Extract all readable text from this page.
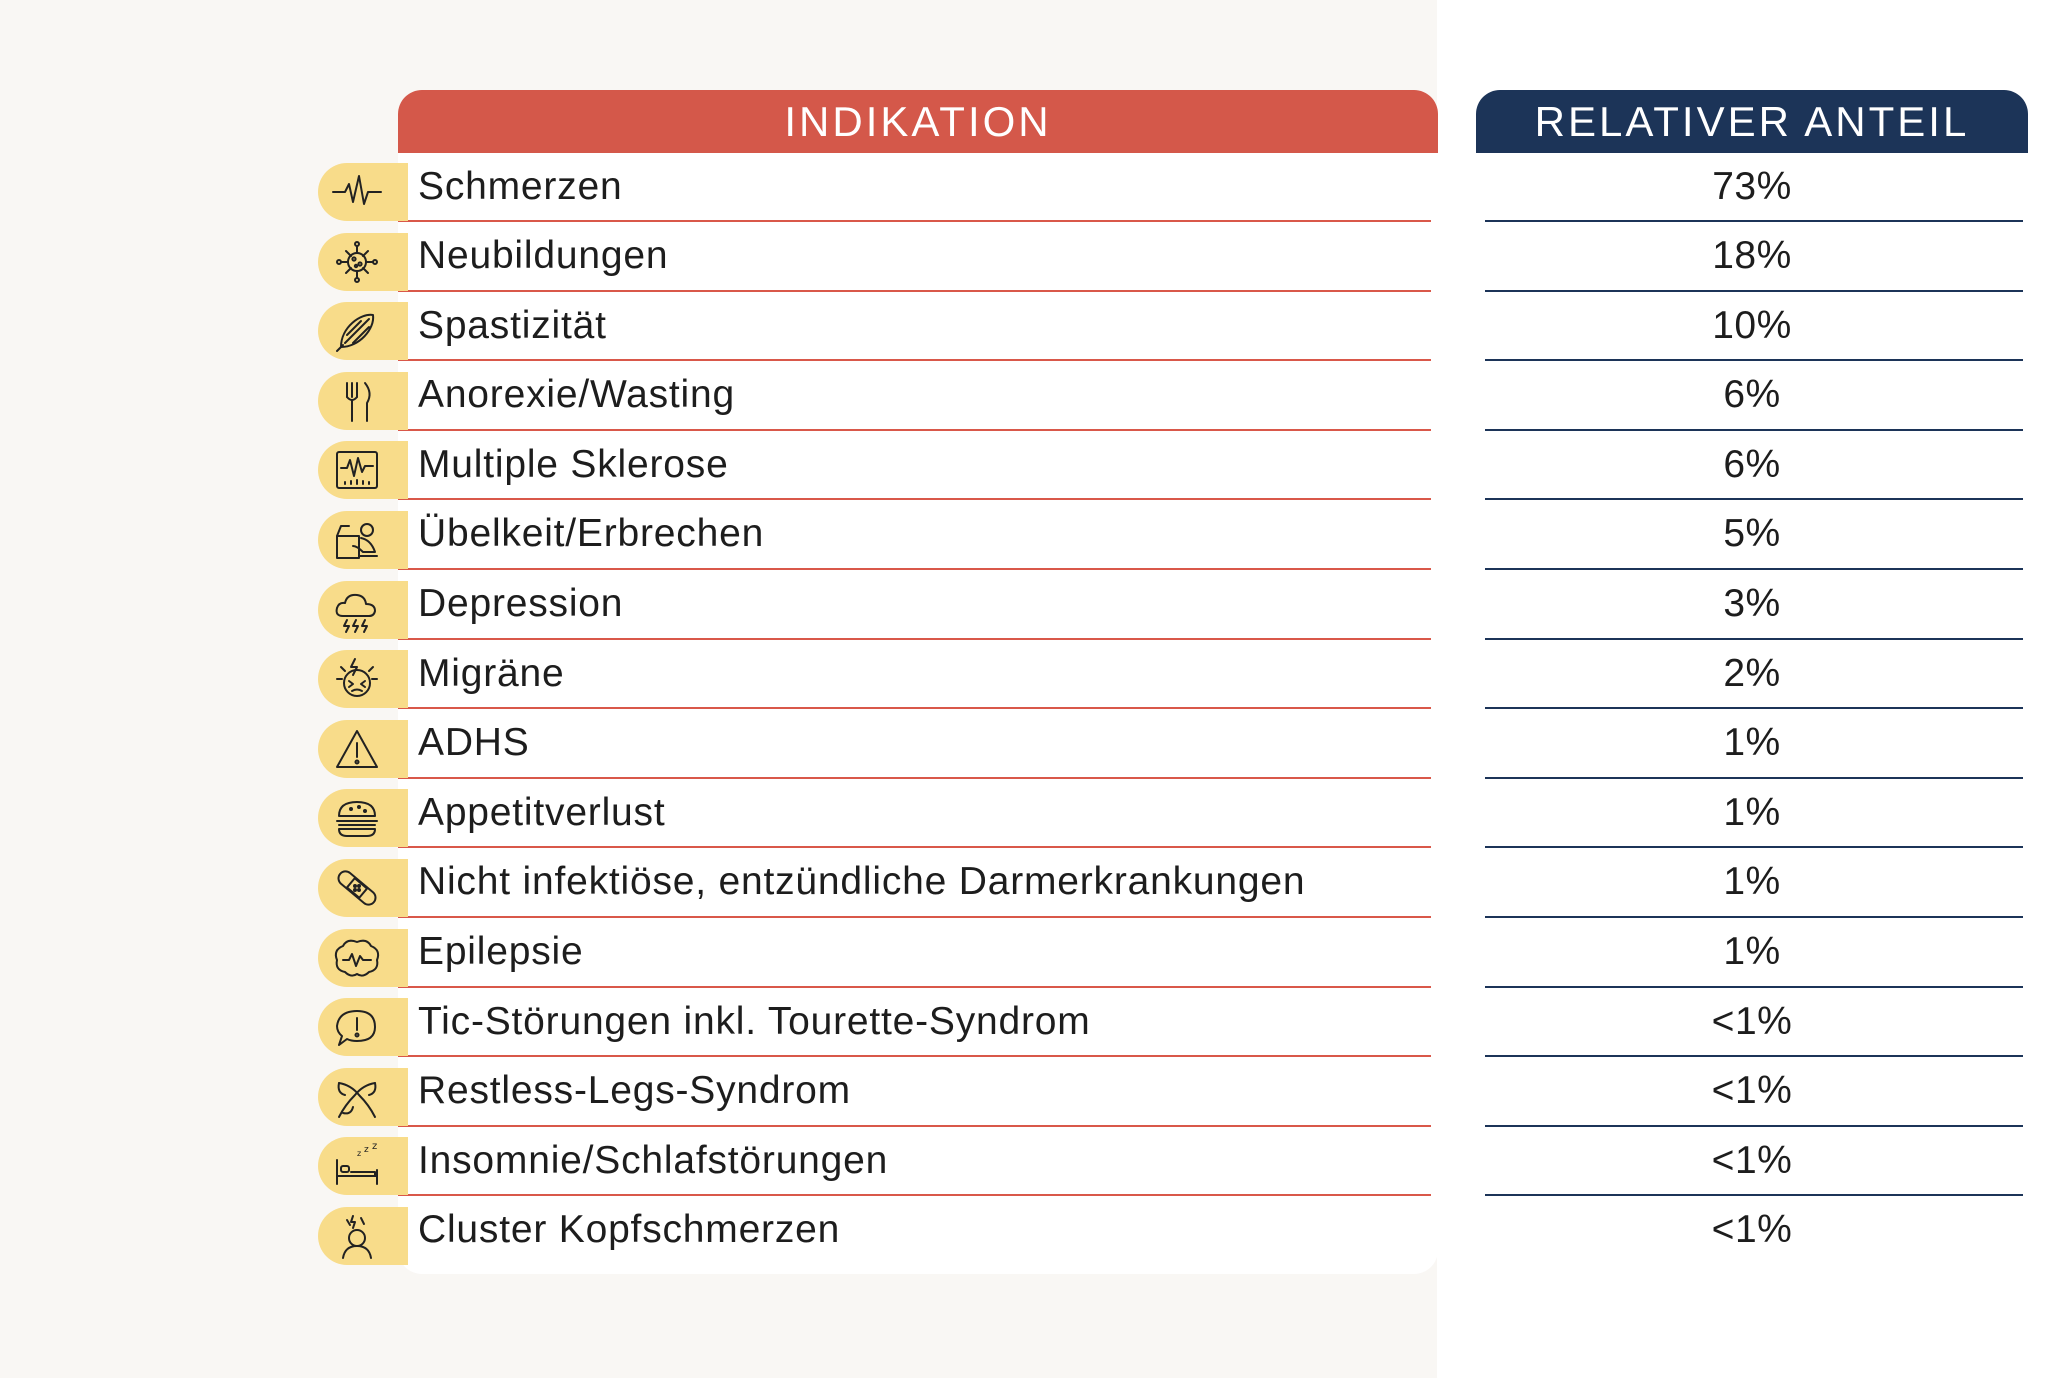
INDIKATION
Schmerzen
Neubildungen
Spastizität
Anorexie/Wasting
Multiple Sklerose
Übelkeit/Erbrechen
Depression
Migräne
ADHS
Appetitverlust
Nicht infektiöse, entzündliche Darmerkrankungen
Epilepsie
Tic-Störungen inkl. Tourette-Syndrom
Restless-Legs-Syndrom
Insomnie/Schlafstörungen
Cluster Kopfschmerzen
RELATIVER ANTEIL
73%
18%
10%
6%
6%
5%
3%
2%
1%
1%
1%
1%
<1%
<1%
<1%
<1%
z z z
